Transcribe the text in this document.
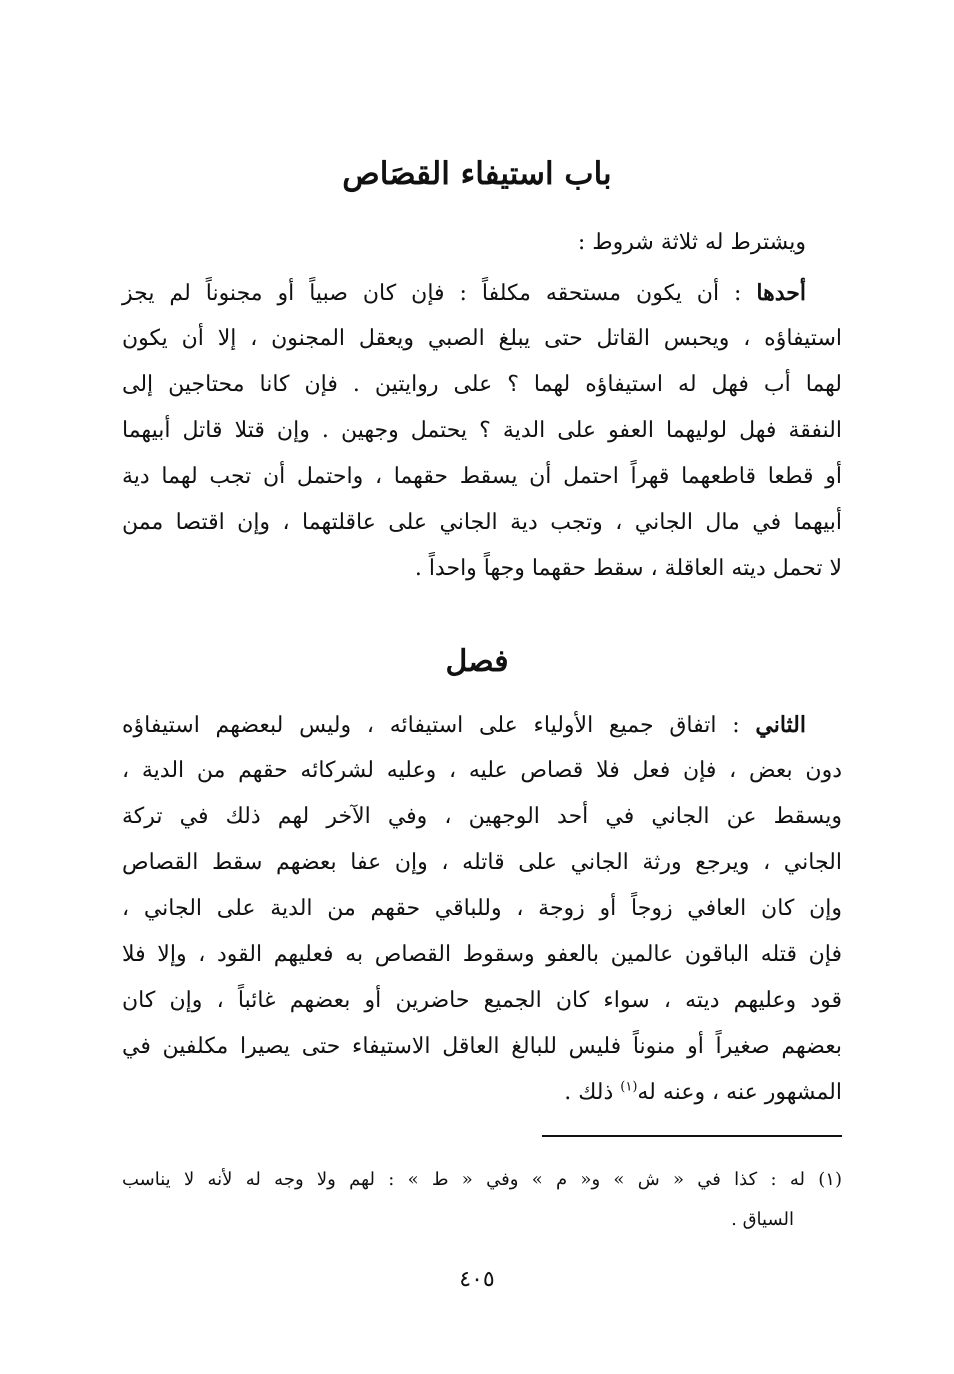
باب استيفاء القصَاص

ويشترط له ثلاثة شروط :

أحدها : أن يكون مستحقه مكلفاً : فإن كان صبياً أو مجنوناً لم يجز
استيفاؤه ، ويحبس القاتل حتى يبلغ الصبي ويعقل المجنون ، إلا أن يكون
لهما أب فهل له استيفاؤه لهما ؟ على روايتين . فإن كانا محتاجين إلى
النفقة فهل لوليهما العفو على الدية ؟ يحتمل وجهين . وإن قتلا قاتل أبيهما
أو قطعا قاطعهما قهراً احتمل أن يسقط حقهما ، واحتمل أن تجب لهما دية
أبيهما في مال الجاني ، وتجب دية الجاني على عاقلتهما ، وإن اقتصا ممن
لا تحمل ديته العاقلة ، سقط حقهما وجهاً واحداً .
فصل
الثاني : اتفاق جميع الأولياء على استيفائه ، وليس لبعضهم استيفاؤه
دون بعض ، فإن فعل فلا قصاص عليه ، وعليه لشركائه حقهم من الدية ،
ويسقط عن الجاني في أحد الوجهين ، وفي الآخر لهم ذلك في تركة
الجاني ، ويرجع ورثة الجاني على قاتله ، وإن عفا بعضهم سقط القصاص
وإن كان العافي زوجاً أو زوجة ، وللباقي حقهم من الدية على الجاني ،
فإن قتله الباقون عالمين بالعفو وسقوط القصاص به فعليهم القود ، وإلا فلا
قود وعليهم ديته ، سواء كان الجميع حاضرين أو بعضهم غائباً ، وإن كان
بعضهم صغيراً أو منوناً فليس للبالغ العاقل الاستيفاء حتى يصيرا مكلفين في
المشهور عنه ، وعنه له$^{(١)}$ ذلك .
(١) له : كذا في « ش » و« م » وفي « ط » : لهم ولا وجه له لأنه لا يناسب
السياق .

٤٠٥
